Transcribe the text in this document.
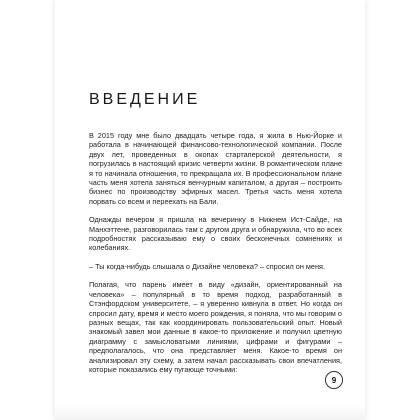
ВВЕДЕНИЕ

В 2015 году мне было двадцать четыре года, я жила в Нью-Йорке и работала в начинающей финансово-технологической компании. После двух лет, проведенных в окопах стартаперской деятельности, я погрузилась в настоящий кризис четверти жизни. В романтическом плане я то начинала отношения, то прекращала их. В профессиональном плане часть меня хотела заняться венчурным капиталом, а другая – построить бизнес по производству эфирных масел. Третья часть меня хотела порвать со всем и переехать на Бали.

Однажды вечером я пришла на вечеринку в Нижнем Ист-Сайде, на Манхэттене, разговорилась там с другом друга и обнаружила, что во всех подробностях рассказываю ему о своих бесконечных сомнениях и колебаниях.

– Ты когда-нибудь слышала о Дизайне человека? – спросил он меня.

Полагая, что парень имеет в виду «дизайн, ориентированный на человека» – популярный в то время подход, разработанный в Стэнфордском университете, – я уверенно кивнула в ответ. Но когда он спросил дату, время и место моего рождения, я поняла, что мы говорим о разных вещах, так как координировать пользовательский опыт. Новый знакомый завел мои данные в какое-то приложение и получил цветную диаграмму с замысловатыми линиями, цифрами и фигурами – предполагалось, что она представляет меня. Какое-то время он анализировал эту схему, а затем начал рассказывать свои впечатления, которые показались ему пугающе точными:

9
